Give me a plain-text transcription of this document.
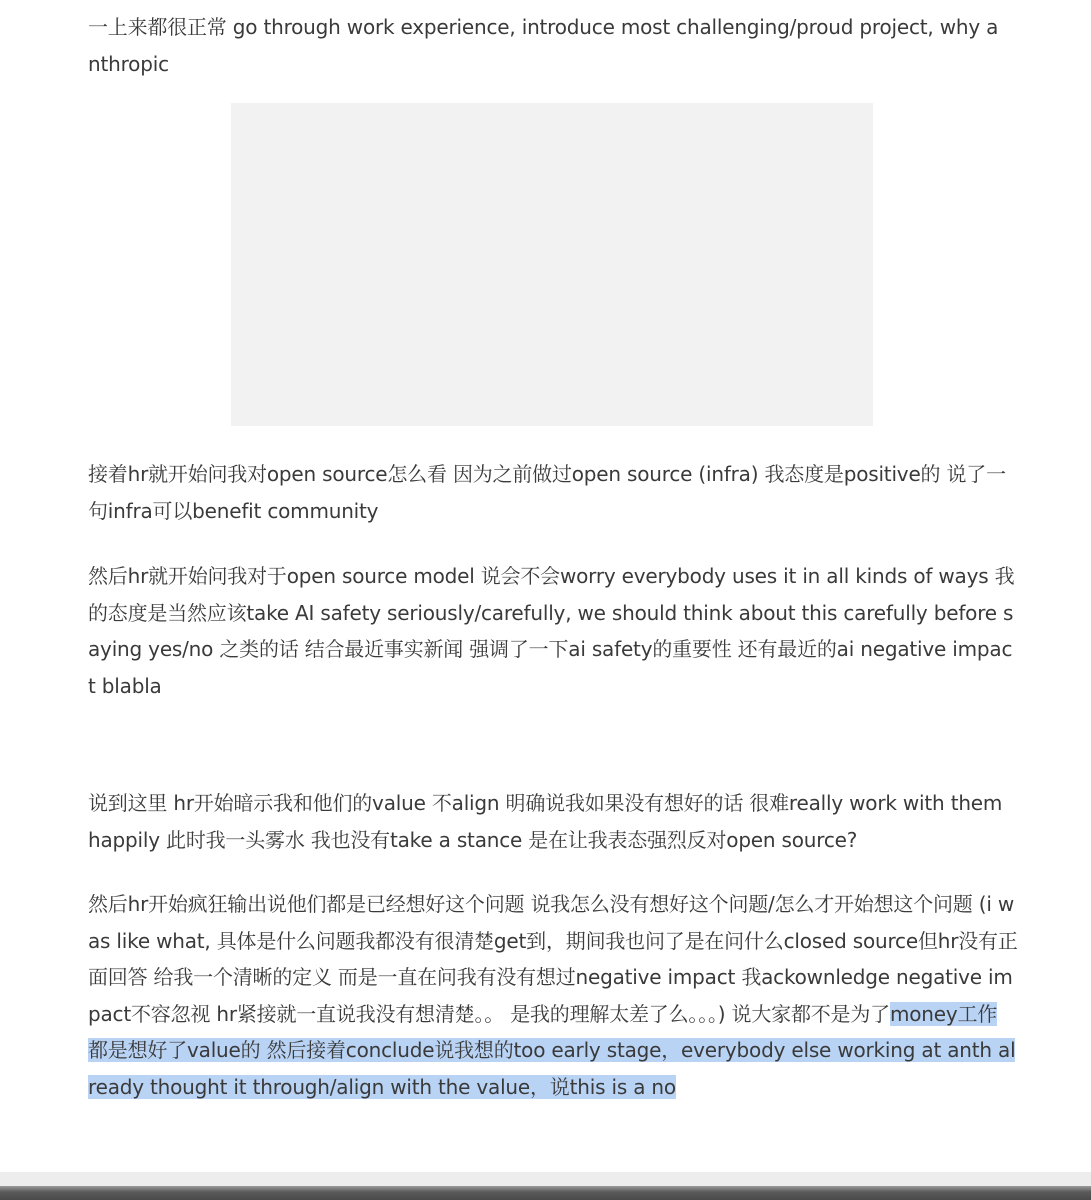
一上来都很正常 go through work experience, introduce most challenging/proud project, why anthropic

接着hr就开始问我对open source怎么看 因为之前做过open source (infra) 我态度是positive的 说了一句infra可以benefit community

然后hr就开始问我对于open source model 说会不会worry everybody uses it in all kinds of ways 我的态度是当然应该take AI safety seriously/carefully, we should think about this carefully before saying yes/no 之类的话 结合最近事实新闻 强调了一下ai safety的重要性 还有最近的ai negative impact blabla

说到这里 hr开始暗示我和他们的value 不align 明确说我如果没有想好的话 很难really work with them happily 此时我一头雾水 我也没有take a stance 是在让我表态强烈反对open source?

然后hr开始疯狂输出说他们都是已经想好这个问题 说我怎么没有想好这个问题/怎么才开始想这个问题 (i was like what, 具体是什么问题我都没有很清楚get到，期间我也问了是在问什么closed source但hr没有正面回答 给我一个清晰的定义 而是一直在问我有没有想过negative impact 我ackownledge negative impact不容忽视 hr紧接就一直说我没有想清楚。。 是我的理解太差了么。。。) 说大家都不是为了money工作 都是想好了value的 然后接着conclude说我想的too early stage，everybody else working at anth already thought it through/align with the value，说this is a no
